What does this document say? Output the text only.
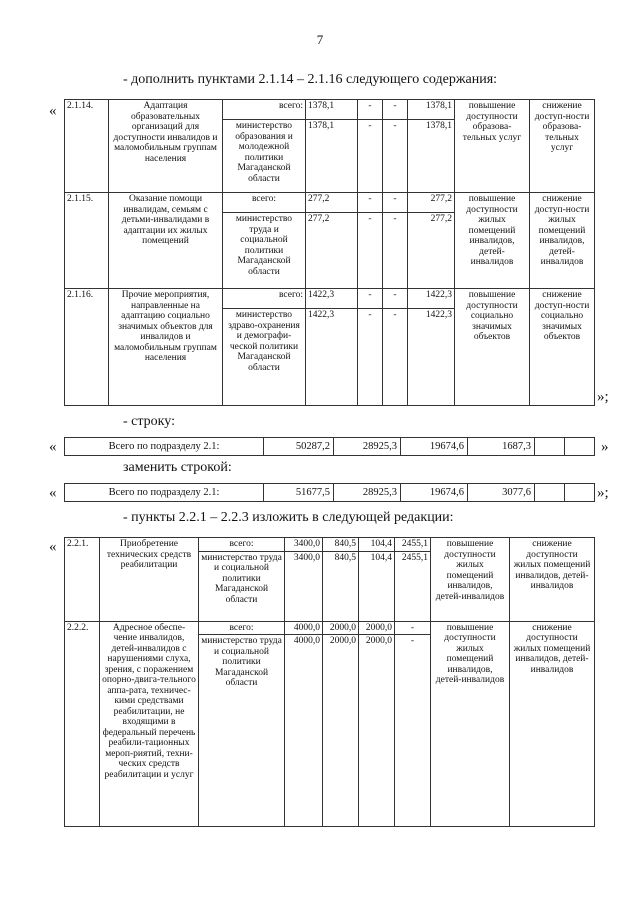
7
- дополнить пунктами 2.1.14 – 2.1.16 следующего содержания:
« 2.1.14.	Адаптация образовательных организаций для доступности инвалидов и маломобильным группам населения	всего:	1378,1	-	-	1378,1	повышение доступности образова-тельных услуг	снижение доступ-ности образова-тельных услуг
		министерство образования и молодежной политики Магаданской области	1378,1	-	-	1378,1		
2.1.15.	Оказание помощи инвалидам, семьям с детьми-инвалидами в адаптации их жилых помещений	всего:	277,2	-	-	277,2	повышение доступности жилых помещений инвалидов, детей-инвалидов	снижение доступ-ности жилых помещений инвалидов, детей-инвалидов
		министерство труда и социальной политики Магаданской области	277,2	-	-	277,2		
2.1.16.	Прочие мероприятия, направленные на адаптацию социально значимых объектов для инвалидов и маломобильным группам населения	всего:	1422,3	-	-	1422,3	повышение доступности социально значимых объектов	снижение доступ-ности социально значимых объектов
		министерство здраво-охранения и демографи-ческой политики Магаданской области	1422,3	-	-	1422,3		
»;
- строку:
«	Всего по подразделу 2.1:	50287,2	28925,3	19674,6	1687,3			»
заменить строкой:
«	Всего по подразделу 2.1:	51677,5	28925,3	19674,6	3077,6			»;
- пункты 2.2.1 – 2.2.3 изложить в следующей редакции:
« 2.2.1.	Приобретение технических средств реабилитации	всего:	3400,0	840,5	104,4	2455,1	повышение доступности жилых помещений инвалидов, детей-инвалидов	снижение доступности жилых помещений инвалидов, детей-инвалидов
		министерство труда и социальной политики Магаданской области	3400,0	840,5	104,4	2455,1		
2.2.2.	Адресное обеспе-чение инвалидов, детей-инвалидов с нарушениями слуха, зрения, с поражением опорно-двига-тельного аппа-рата, техничес-кими средствами реабилитации, не входящими в федеральный перечень реабили-тационных мероп-риятий, техни-ческих средств реабилитации и услуг	всего:	4000,0	2000,0	2000,0	-	повышение доступности жилых помещений инвалидов, детей-инвалидов	снижение доступности жилых помещений инвалидов, детей-инвалидов
		министерство труда и социальной политики Магаданской области	4000,0	2000,0	2000,0	-		
